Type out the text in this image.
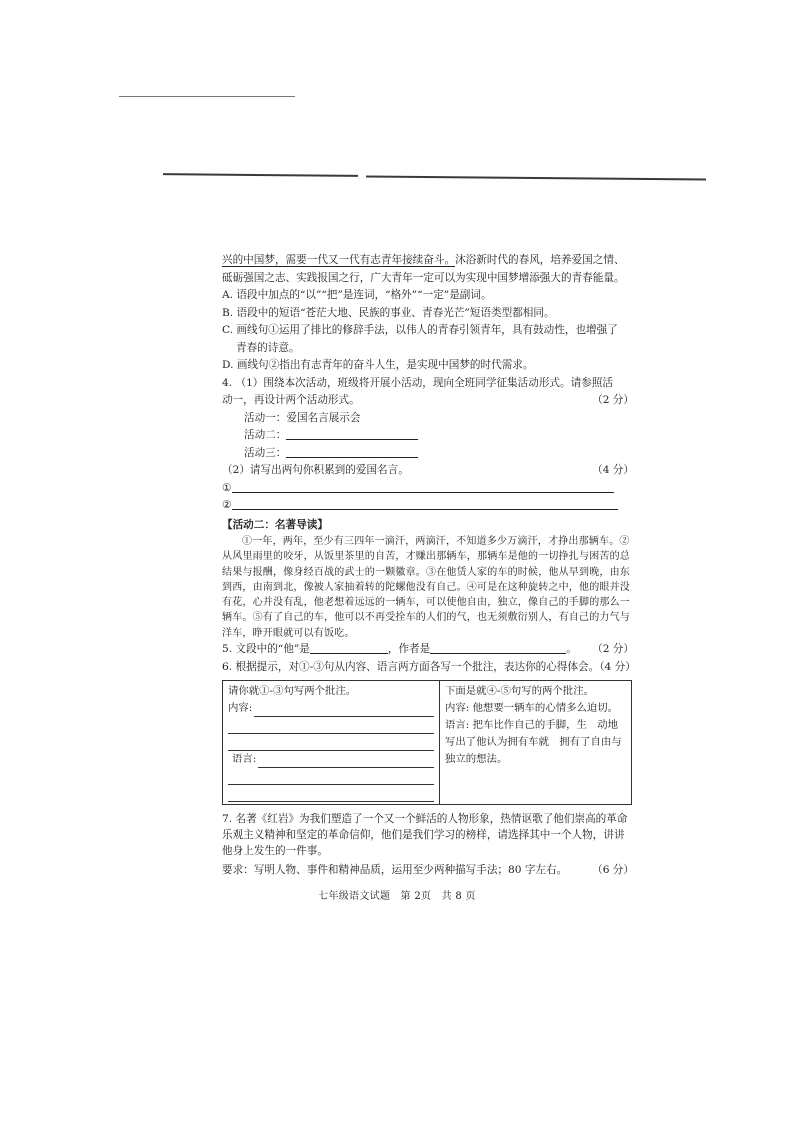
兴的中国梦，需要一代又一代有志青年接续奋斗。沐浴新时代的春风，培养爱国之情、

砥砺强国之志、实践报国之行，广大青年一定可以为实现中国梦增添强大的青春能量。

A. 语段中加点的“以”“把”是连词，“格外”“一定”是副词。

B. 语段中的短语“苍茫大地、民族的事业、青春光芒”短语类型都相同。

C. 画线句①运用了排比的修辞手法，以伟人的青春引领青年，具有鼓动性，也增强了

青春的诗意。

D. 画线句②指出有志青年的奋斗人生，是实现中国梦的时代需求。

4. （1）围绕本次活动，班级将开展小活动，现向全班同学征集活动形式。请参照活

动一，再设计两个活动形式。	（2 分）

活动一：爱国名言展示会

活动二：

活动三：

（2）请写出两句你积累到的爱国名言。	（4 分）

①

②

【活动二：名著导读】

①一年，两年，至少有三四年一滴汗，两滴汗，不知道多少万滴汗，才挣出那辆车。②从风里雨里的咬牙，从饭里茶里的自苦，才赚出那辆车，那辆车是他的一切挣扎与困苦的总结果与报酬，像身经百战的武士的一颗徽章。③在他赁人家的车的时候，他从早到晚，由东到西，由南到北，像被人家抽着转的陀螺他没有自己。④可是在这种旋转之中，他的眼并没有花，心并没有乱，他老想着远远的一辆车，可以使他自由，独立，像自己的手脚的那么一辆车。⑤有了自己的车，他可以不再受拴车的人们的气，也无须敷衍别人，有自己的力气与洋车，睁开眼就可以有饭吃。

5. 文段中的“他”是	，作者是	。 （2 分）

6. 根据提示，对①-③句从内容、语言两方面各写一个批注，表达你的心得体会。（4 分）

请你就①-③句写两个批注。
内容:
语言:

下面是就④-⑤句写的两个批注。
内容: 他想要一辆车的心情多么迫切。
语言: 把车比作自己的手脚，生　动地写出了他认为拥有车就　拥有了自由与独立的想法。

7. 名著《红岩》为我们塑造了一个又一个鲜活的人物形象，热情讴歌了他们崇高的革命乐观主义精神和坚定的革命信仰，他们是我们学习的榜样，请选择其中一个人物，讲讲他身上发生的一件事。

要求：写明人物、事件和精神品质，运用至少两种描写手法；80 字左右。 （6 分）

七年级语文试题　第 2页　共 8 页
